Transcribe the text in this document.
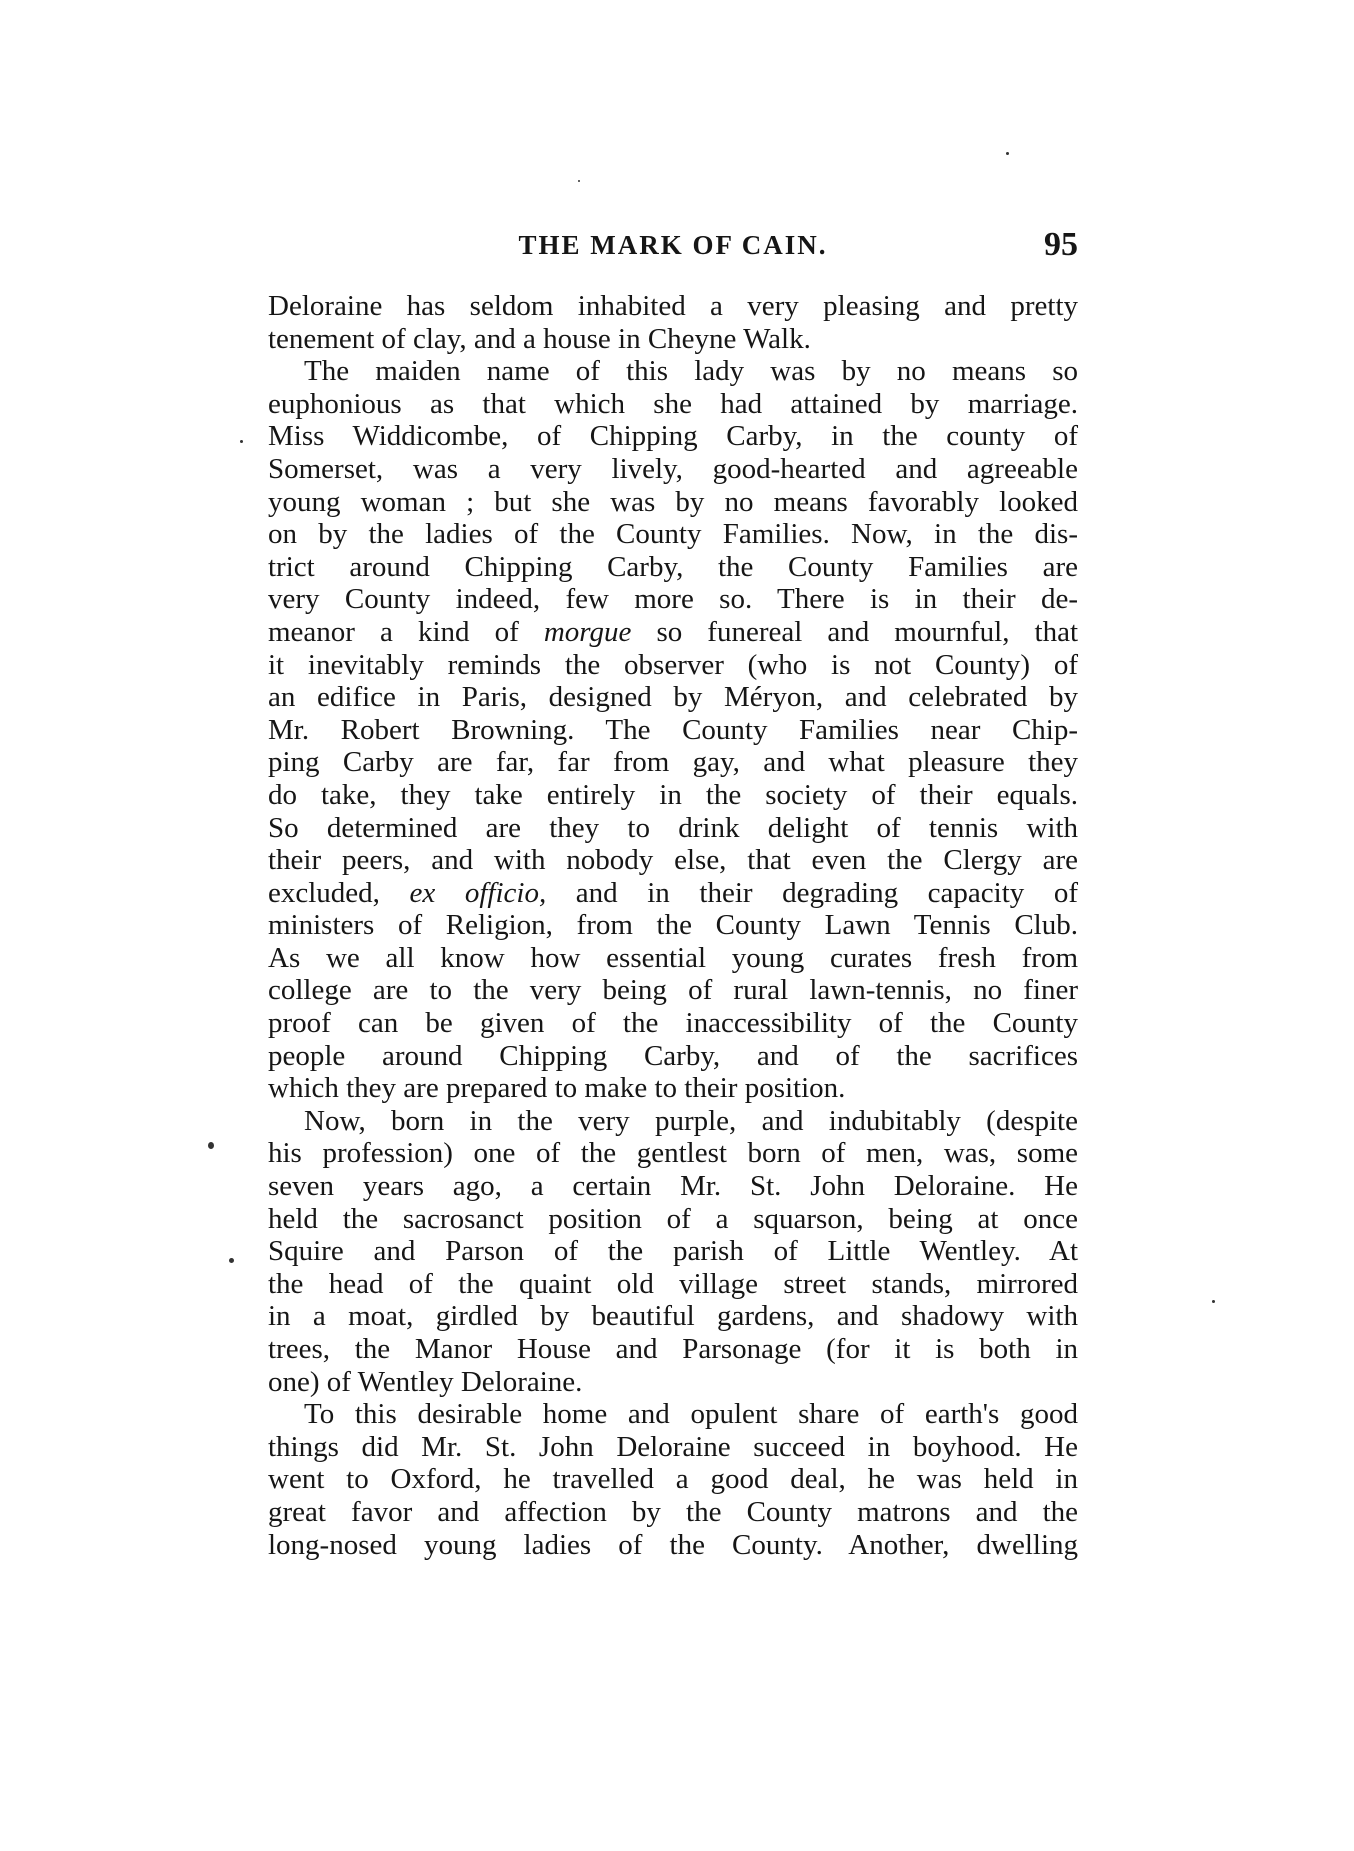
THE MARK OF CAIN.	95
Deloraine has seldom inhabited a very pleasing and pretty
tenement of clay, and a house in Cheyne Walk.
The maiden name of this lady was by no means so
euphonious as that which she had attained by marriage.
Miss Widdicombe, of Chipping Carby, in the county of
Somerset, was a very lively, good-hearted and agreeable
young woman ; but she was by no means favorably looked
on by the ladies of the County Families. Now, in the dis-
trict around Chipping Carby, the County Families are
very County indeed, few more so. There is in their de-
meanor a kind of morgue so funereal and mournful, that
it inevitably reminds the observer (who is not County) of
an edifice in Paris, designed by Méryon, and celebrated by
Mr. Robert Browning. The County Families near Chip-
ping Carby are far, far from gay, and what pleasure they
do take, they take entirely in the society of their equals.
So determined are they to drink delight of tennis with
their peers, and with nobody else, that even the Clergy are
excluded, ex officio, and in their degrading capacity of
ministers of Religion, from the County Lawn Tennis Club.
As we all know how essential young curates fresh from
college are to the very being of rural lawn-tennis, no finer
proof can be given of the inaccessibility of the County
people around Chipping Carby, and of the sacrifices
which they are prepared to make to their position.
Now, born in the very purple, and indubitably (despite
his profession) one of the gentlest born of men, was, some
seven years ago, a certain Mr. St. John Deloraine. He
held the sacrosanct position of a squarson, being at once
Squire and Parson of the parish of Little Wentley. At
the head of the quaint old village street stands, mirrored
in a moat, girdled by beautiful gardens, and shadowy with
trees, the Manor House and Parsonage (for it is both in
one) of Wentley Deloraine.
To this desirable home and opulent share of earth's good
things did Mr. St. John Deloraine succeed in boyhood. He
went to Oxford, he travelled a good deal, he was held in
great favor and affection by the County matrons and the
long-nosed young ladies of the County. Another, dwelling
